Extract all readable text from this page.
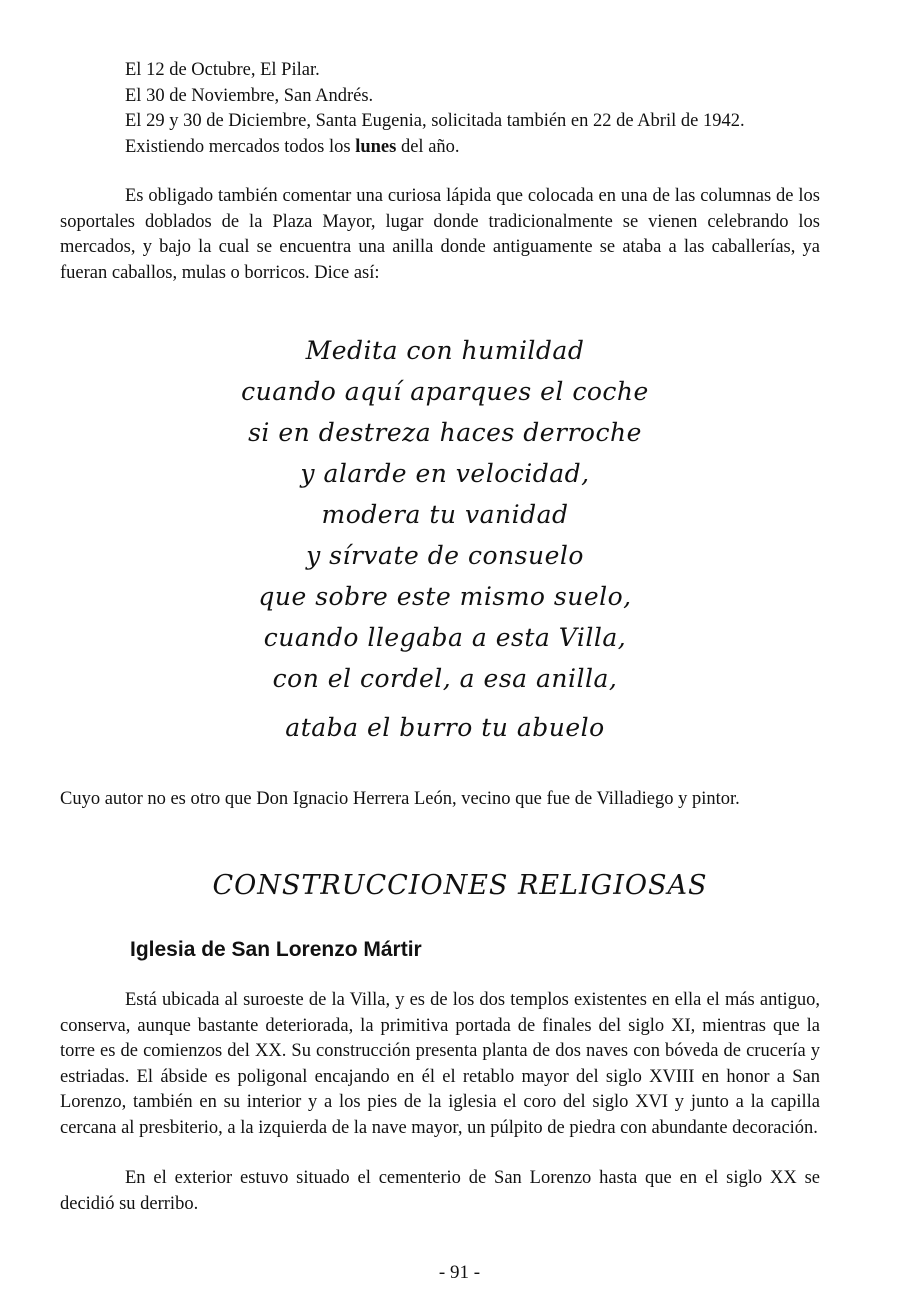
El 12 de Octubre, El Pilar.

El 30 de Noviembre, San Andrés.

El 29 y 30 de Diciembre, Santa Eugenia, solicitada también en 22 de Abril de 1942.

Existiendo mercados todos los lunes del año.

Es obligado también comentar una curiosa lápida que colocada en una de las columnas de los soportales doblados de la Plaza Mayor, lugar donde tradicionalmente se vienen celebrando los mercados, y bajo la cual se encuentra una anilla donde antiguamente se ataba a las caballerías, ya fueran caballos, mulas o borricos. Dice así:

Medita con humildad
cuando aquí aparques el coche
si en destreza haces derroche
y alarde en velocidad,
modera tu vanidad
y sírvate de consuelo
que sobre este mismo suelo,
cuando llegaba a esta Villa,
con el cordel, a esa anilla,
ataba el burro tu abuelo

Cuyo autor no es otro que Don Ignacio Herrera León, vecino que fue de Villadiego y pintor.

CONSTRUCCIONES RELIGIOSAS
Iglesia de San Lorenzo Mártir

Está ubicada al suroeste de la Villa, y es de los dos templos existentes en ella el más antiguo, conserva, aunque bastante deteriorada, la primitiva portada de finales del siglo XI, mientras que la torre es de comienzos del XX. Su construcción presenta planta de dos naves con bóveda de crucería y estriadas. El ábside es poligonal encajando en él el retablo mayor del siglo XVIII en honor a San Lorenzo, también en su interior y a los pies de la iglesia el coro del siglo XVI y junto a la capilla cercana al presbiterio, a la izquierda de la nave mayor, un púlpito de piedra con abundante decoración.

En el exterior estuvo situado el cementerio de San Lorenzo hasta que en el siglo XX se decidió su derribo.

- 91 -
